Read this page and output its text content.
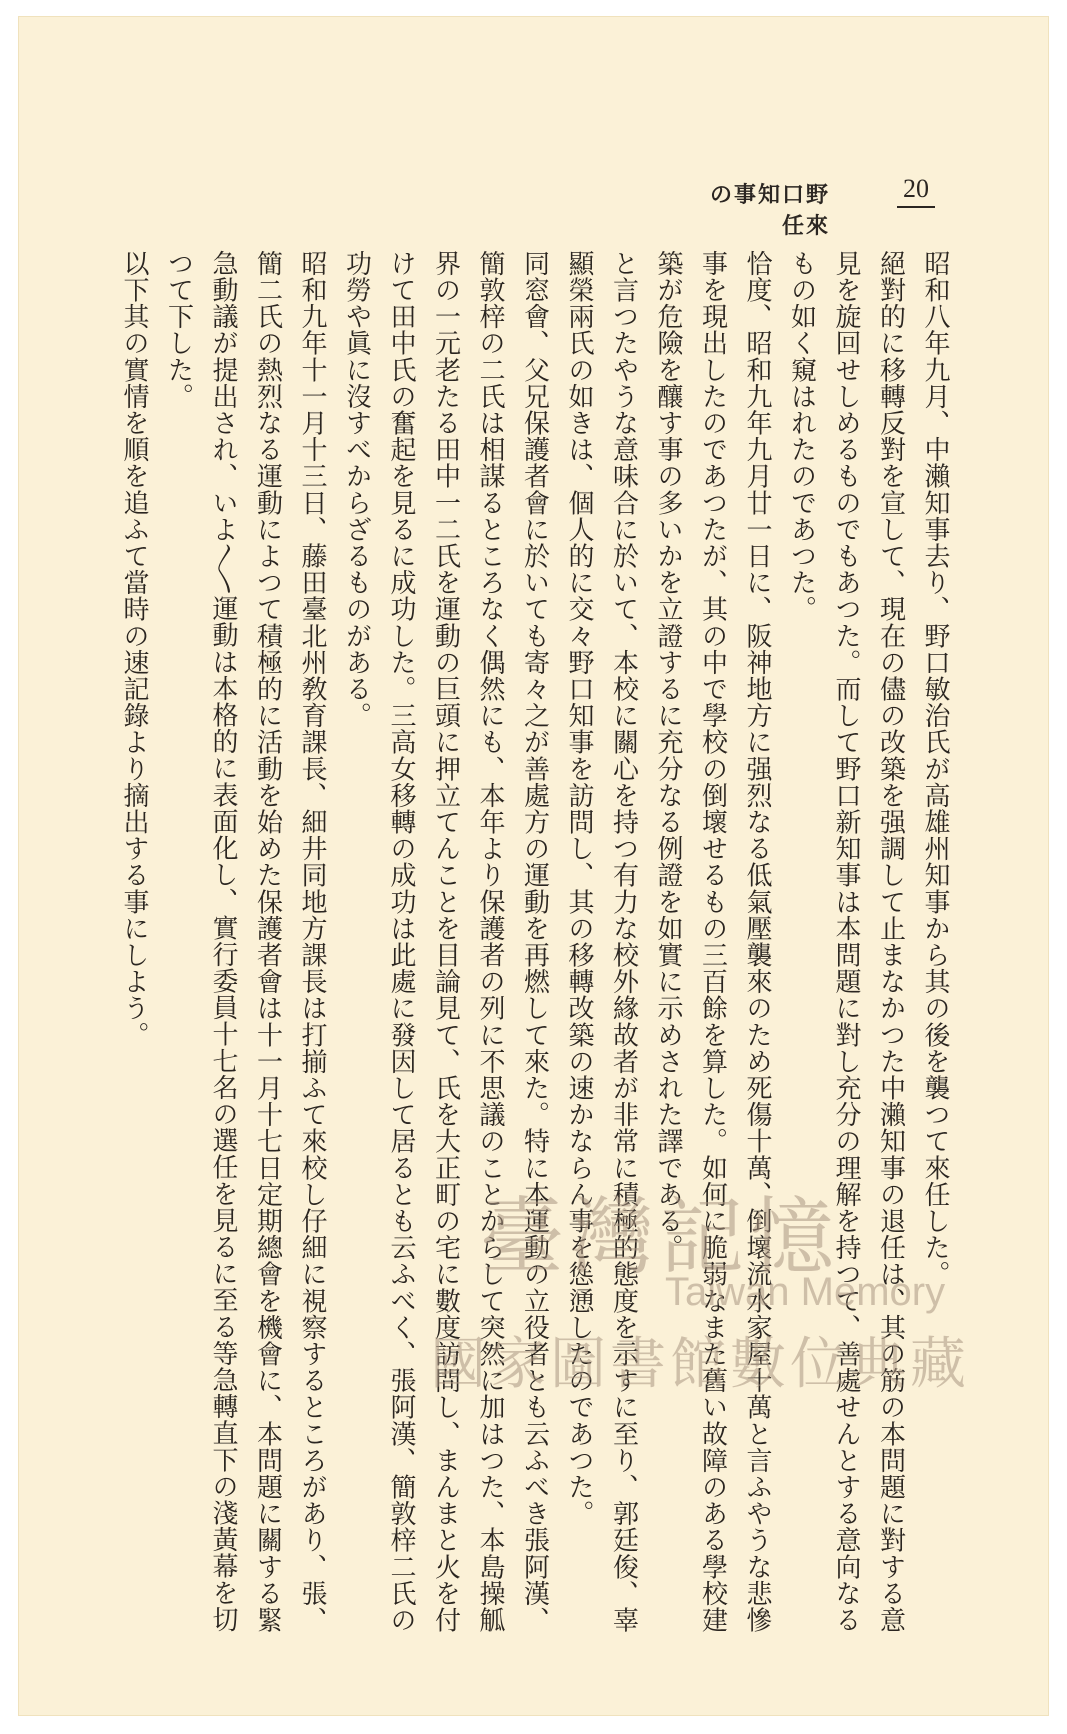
野口知事の來任
20

昭和八年九月、中瀨知事去り、野口敏治氏が高雄州知事から其の後を襲つて來任した。

絕對的に移轉反對を宣して、現在の儘の改築を强調して止まなかつた中瀨知事の退任は、其の筋の本問題に對する意見を旋回せしめるものでもあつた。而して野口新知事は本問題に對し充分の理解を持つて、善處せんとする意向なるもの如く窺はれたのであつた。

恰度、昭和九年九月廿一日に、阪神地方に强烈なる低氣壓襲來のため死傷十萬、倒壞流水家屋十萬と言ふやうな悲慘事を現出したのであつたが、其の中で學校の倒壞せるもの三百餘を算した。如何に脆弱なまた舊い故障のある學校建築が危險を釀す事の多いかを立證するに充分なる例證を如實に示めされた譯である。

と言つたやうな意味合に於いて、本校に關心を持つ有力な校外緣故者が非常に積極的態度を示すに至り、郭廷俊、辜顯榮兩氏の如きは、個人的に交々野口知事を訪問し、其の移轉改築の速かならん事を慫慂したのであつた。

同窓會、父兄保護者會に於いても寄々之が善處方の運動を再燃して來た。特に本運動の立役者とも云ふべき張阿漢、簡敦梓の二氏は相謀るところなく偶然にも、本年より保護者の列に不思議のことからして突然に加はつた、本島操觚界の一元老たる田中一二氏を運動の巨頭に押立てんことを目論見て、氏を大正町の宅に數度訪問し、まんまと火を付けて田中氏の奮起を見るに成功した。三高女移轉の成功は此處に發因して居るとも云ふべく、張阿漢、簡敦梓二氏の功勞や眞に沒すべからざるものがある。

昭和九年十一月十三日、藤田臺北州敎育課長、細井同地方課長は打揃ふて來校し仔細に視察するところがあり、張、簡二氏の熱烈なる運動によつて積極的に活動を始めた保護者會は十一月十七日定期總會を機會に、本問題に關する緊急動議が提出され、いよ〳〵運動は本格的に表面化し、實行委員十七名の選任を見るに至る等急轉直下の淺黃幕を切つて下した。

以下其の實情を順を追ふて當時の速記錄より摘出する事にしよう。

臺灣記憶
Taiwan Memory
國家圖書館數位典藏
